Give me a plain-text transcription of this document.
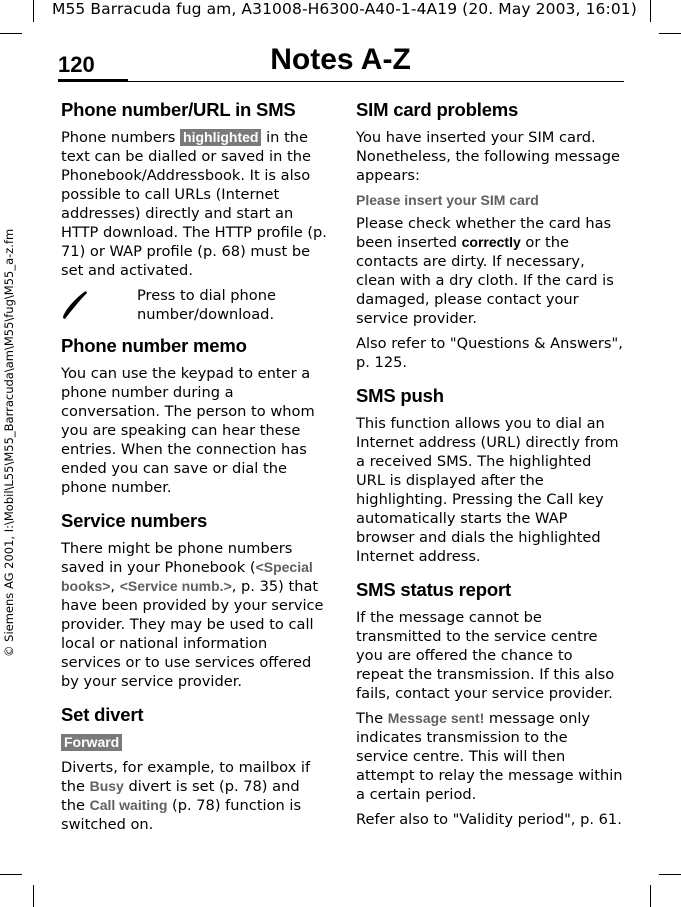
M55 Barracuda fug am, A31008-H6300-A40-1-4A19 (20. May 2003, 16:01)
© Siemens AG 2001, I:\Mobil\L55\M55_Barracuda\am\M55\fug\M55_a-z.fm
120	Notes A-Z
Phone number/URL in SMS

Phone numbers highlighted in the text can be dialled or saved in the Phonebook/Addressbook. It is also possible to call URLs (Internet addresses) directly and start an HTTP download. The HTTP profile (p. 71) or WAP profile (p. 68) must be set and activated.

Press to dial phone number/download.
Phone number memo

You can use the keypad to enter a phone number during a conversation. The person to whom you are speaking can hear these entries. When the connection has ended you can save or dial the phone number.

Service numbers

There might be phone numbers saved in your Phonebook (<Special books>, <Service numb.>, p. 35) that have been provided by your service provider. They may be used to call local or national information services or to use services offered by your service provider.

Set divert
Forward

Diverts, for example, to mailbox if the Busy divert is set (p. 78) and the Call waiting (p. 78) function is switched on.

SIM card problems

You have inserted your SIM card. Nonetheless, the following message appears:

Please insert your SIM card

Please check whether the card has been inserted correctly or the contacts are dirty. If necessary, clean with a dry cloth. If the card is damaged, please contact your service provider.

Also refer to "Questions & Answers", p. 125.

SMS push

This function allows you to dial an Internet address (URL) directly from a received SMS. The highlighted URL is displayed after the highlighting. Pressing the Call key automatically starts the WAP browser and dials the highlighted Internet address.

SMS status report

If the message cannot be transmitted to the service centre you are offered the chance to repeat the transmission. If this also fails, contact your service provider.

The Message sent! message only indicates transmission to the service centre. This will then attempt to relay the message within a certain period.

Refer also to "Validity period", p. 61.
